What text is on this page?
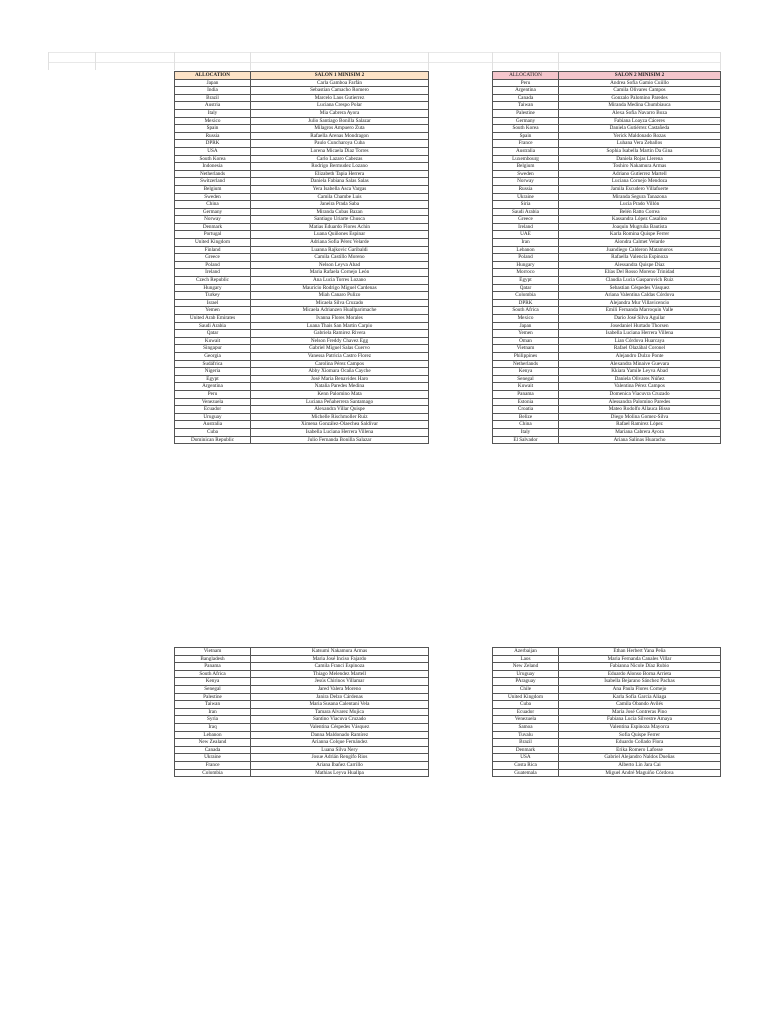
ALLOCATION	SALON 1 MINISIM 2
Japan	Carla Gamboa Farfán
India	Sebastian Camacho Romero
Brazil	Marcelo Laos Gutierrez
Austria	Luciana Crespo Polar
Italy	Mia Cabrera Ayora
Mexico	Julio Santiago Bonilla Salazar
Spain	Milagros Ampuero Zuta
Russia	Rafaella Arenas Mondragon
DPRK	Paulo Cuncharoya Cuba
USA	Lorena Micaela Diaz Torres
South Korea	Carlo Lazaro Cabezas
Indonesia	Rodrigo Bermudez Lozano
Netherlands	Elizabeth Tapia Herrera
Switzerland	Daniela Fabiana Salas Salas
Belgium	Yera Isabella Asca Vargas
Sweden	Camila Chambe Luis
China	Janeira Prada Saba
Germany	Miranda Cubas Bazan
Norway	Santiago Uriarte Chusca
Denmark	Matias Eduardo Flores Achin
Portugal	Luana Quiñones Espinar
United Kingdom	Adriana Sofia Pérez Velarde
Finland	Luanna Rajkovic Garibaldi
Greece	Camila Castillo Moreno
Poland	Nelson Leyva Abad
Ireland	Maria Rafaela Cornejo León
Czech Republic	Ana Lucia Torres Lozano
Hungary	Mauricio Rodrigo Miguel Cardenas
Turkey	Miah Canaro Pulizo
Israel	Micaela Silva Cruzado
Yemen	Micaela Adrianzen Huallparimache
United Arab Emirates	Ivanna Flores Morales
Saudi Arabia	Luana Thais San Martin Carpio
Qatar	Gabriela Ramirez Rivera
Kuwait	Nelson Freddy Chavez Egg
Singapur	Gabriel Miguel Salas Cuervo
Georgia	Vanessa Patricia Castro Florez
Sudáfrica	Carolina Pérez Campos
Nigeria	Abby Xiomara Ocaña Cayche
Egypt	José Maria Benavides Haro
Argentina	Natalia Paredes Medina
Peru	Kenn Palomino Mata
Venezuela	Luciana Peñaherrera Santamago
Ecuador	Alexandra Villar Quispe
Uruguay	Michelle Rischmoller Ruiz
Australia	Ximena González-Olaechea Saldívar
Cuba	Isabella Luciana Herrera Villena
Dominican Republic	Julio Fernanda Bonilla Salazar
ALLOCATION	SALON 2 MINISIM 2
Peru	Andrea Sofia Gamio Cuiillo
Argentina	Camila Olivares Campos
Canada	Gonzalo Palomino Paredes
Taiwan	Miranda Medina Chumbiauca
Palestine	Alexa Sofia Navarro Boza
Germany	Fabiana Loayza Cáceres
South Korea	Daniela Gutiérrez Castañeda
Spain	Yerick Maldonado Rozas
France	Luhana Vera Zeballos
Australia	Sophia Isabella Martin Da Gina
Luxembourg	Daniela Rojas Llerena
Belgium	Toshiro Nakamura Armas
Sweden	Adriano Gutierrez Martell
Norway	Luciana Cornejo Mendoza
Russia	Jamila Escudero Villafuerte
Ukraine	Miranda Segura Tanazona
Siria	Lucia Prado Villón
Saudi Arabia	Belén Ratto Correa
Greece	Kassandra López Casalino
Ireland	Joaquin Mugruña Bautista
UAE	Karla Romina Quispe Ferrer
Iran	Alondra Calmet Velarde
Lebanon	Juandiego Calderon Matamoros
Poland	Rafaella Valencia Espinoza
Hungary	Alessandra Quispe Díaz
Morroco	Elías Del Rosso Moreno Trinidad
Egypt	Claudia Lucia Gasparovich Ruiz
Qatar	Sebastian Céspedes Vásquez
Colombia	Ariana Valentina Caldas Córdova
DPRK	Alejandra Mur Villavicencio
South Africa	Emili Fernanda Marroquin Valle
Mexico	Dario José Silva Aguilar
Japan	Josedaniel Hurtado Thorsen
Yemen	Isabella Luciana Herrera Villena
Oman	Lian Córdova Huarcaya
Vietnam	Rafael Olazábal Coronel
Philippines	Alejandro Dulzo Ponte
Netherlands	Alexandra Minaive Guevara
Kenya	Kkiara Yamile Leyva Abad
Senegal	Daniela Olivares Núñez
Kuwait	Valentina Pérez Campos
Panama	Domenica Viacuvra Cruzado
Estonia	Alessandra Palomino Paredes
Croatia	Mateo Rodolfo Allauca Bisso
Belize	Diego Molina Gomez-Silva
China	Rafael Ramirez López
Italy	Mariana Cabrera Ayora
El Salvador	Ariana Salinas Huaracho
Vietnam	Katsumi Nakamura Armas
Bangladesh	Maria José Inciso Fajardo
Panama	Camila Franci Espinoza
South Africa	Thiago Melendez Martell
Kenya	Jesús Chirinos Villamar
Senegal	Jared Valera Moreno
Palestine	Janira Delzo Cárdenas
Taiwan	Maria Susana Calentani Vela
Iran	Tamara Alvarez Mujica
Syria	Santino Viacuva Cruzado
Iraq	Valentina Céspedes Vásquez
Lebanon	Danna Maldonado Ramírez
New Zealand	Arianna Colque Fernández
Canada	Luana Silva Nery
Ukraine	Josue Adrián Rengifo Rios
France	Ariana Ibañez Carrillo
Colombia	Mathias Leyva Huallpa
Azerbaijan	Ethan Herbert Yana Peña
Laos	Maria Fernanda Canales Villar
New Zeland	Fabianna Nicole Díaz Rubio
Uruguay	Eduardo Alonso Borna Arrieta
PAraguay	Isabella Bejarano Sánchez Pachas
Chile	Ana Paula Flores Cornejo
United Kingdom	Karla Sofía García Aliaga
Cuba	Camila Obando Avilés
Ecuador	Maria José Contreras Pino
Venezuela	Fabiana Lucia Silvestre Amaya
Samoa	Valentina Espinoza Mayorca
Tuvalu	Sofia Quispe Ferrer
Brazil	Eduardo Collado Flora
Denmark	Erika Romero Lafosse
USA	Gabriel Alejandro Naldos Dueñas
Costa Rica	Alberto Lin Jara Cai
Guatemala	Miguel André Maguiño Córdova
